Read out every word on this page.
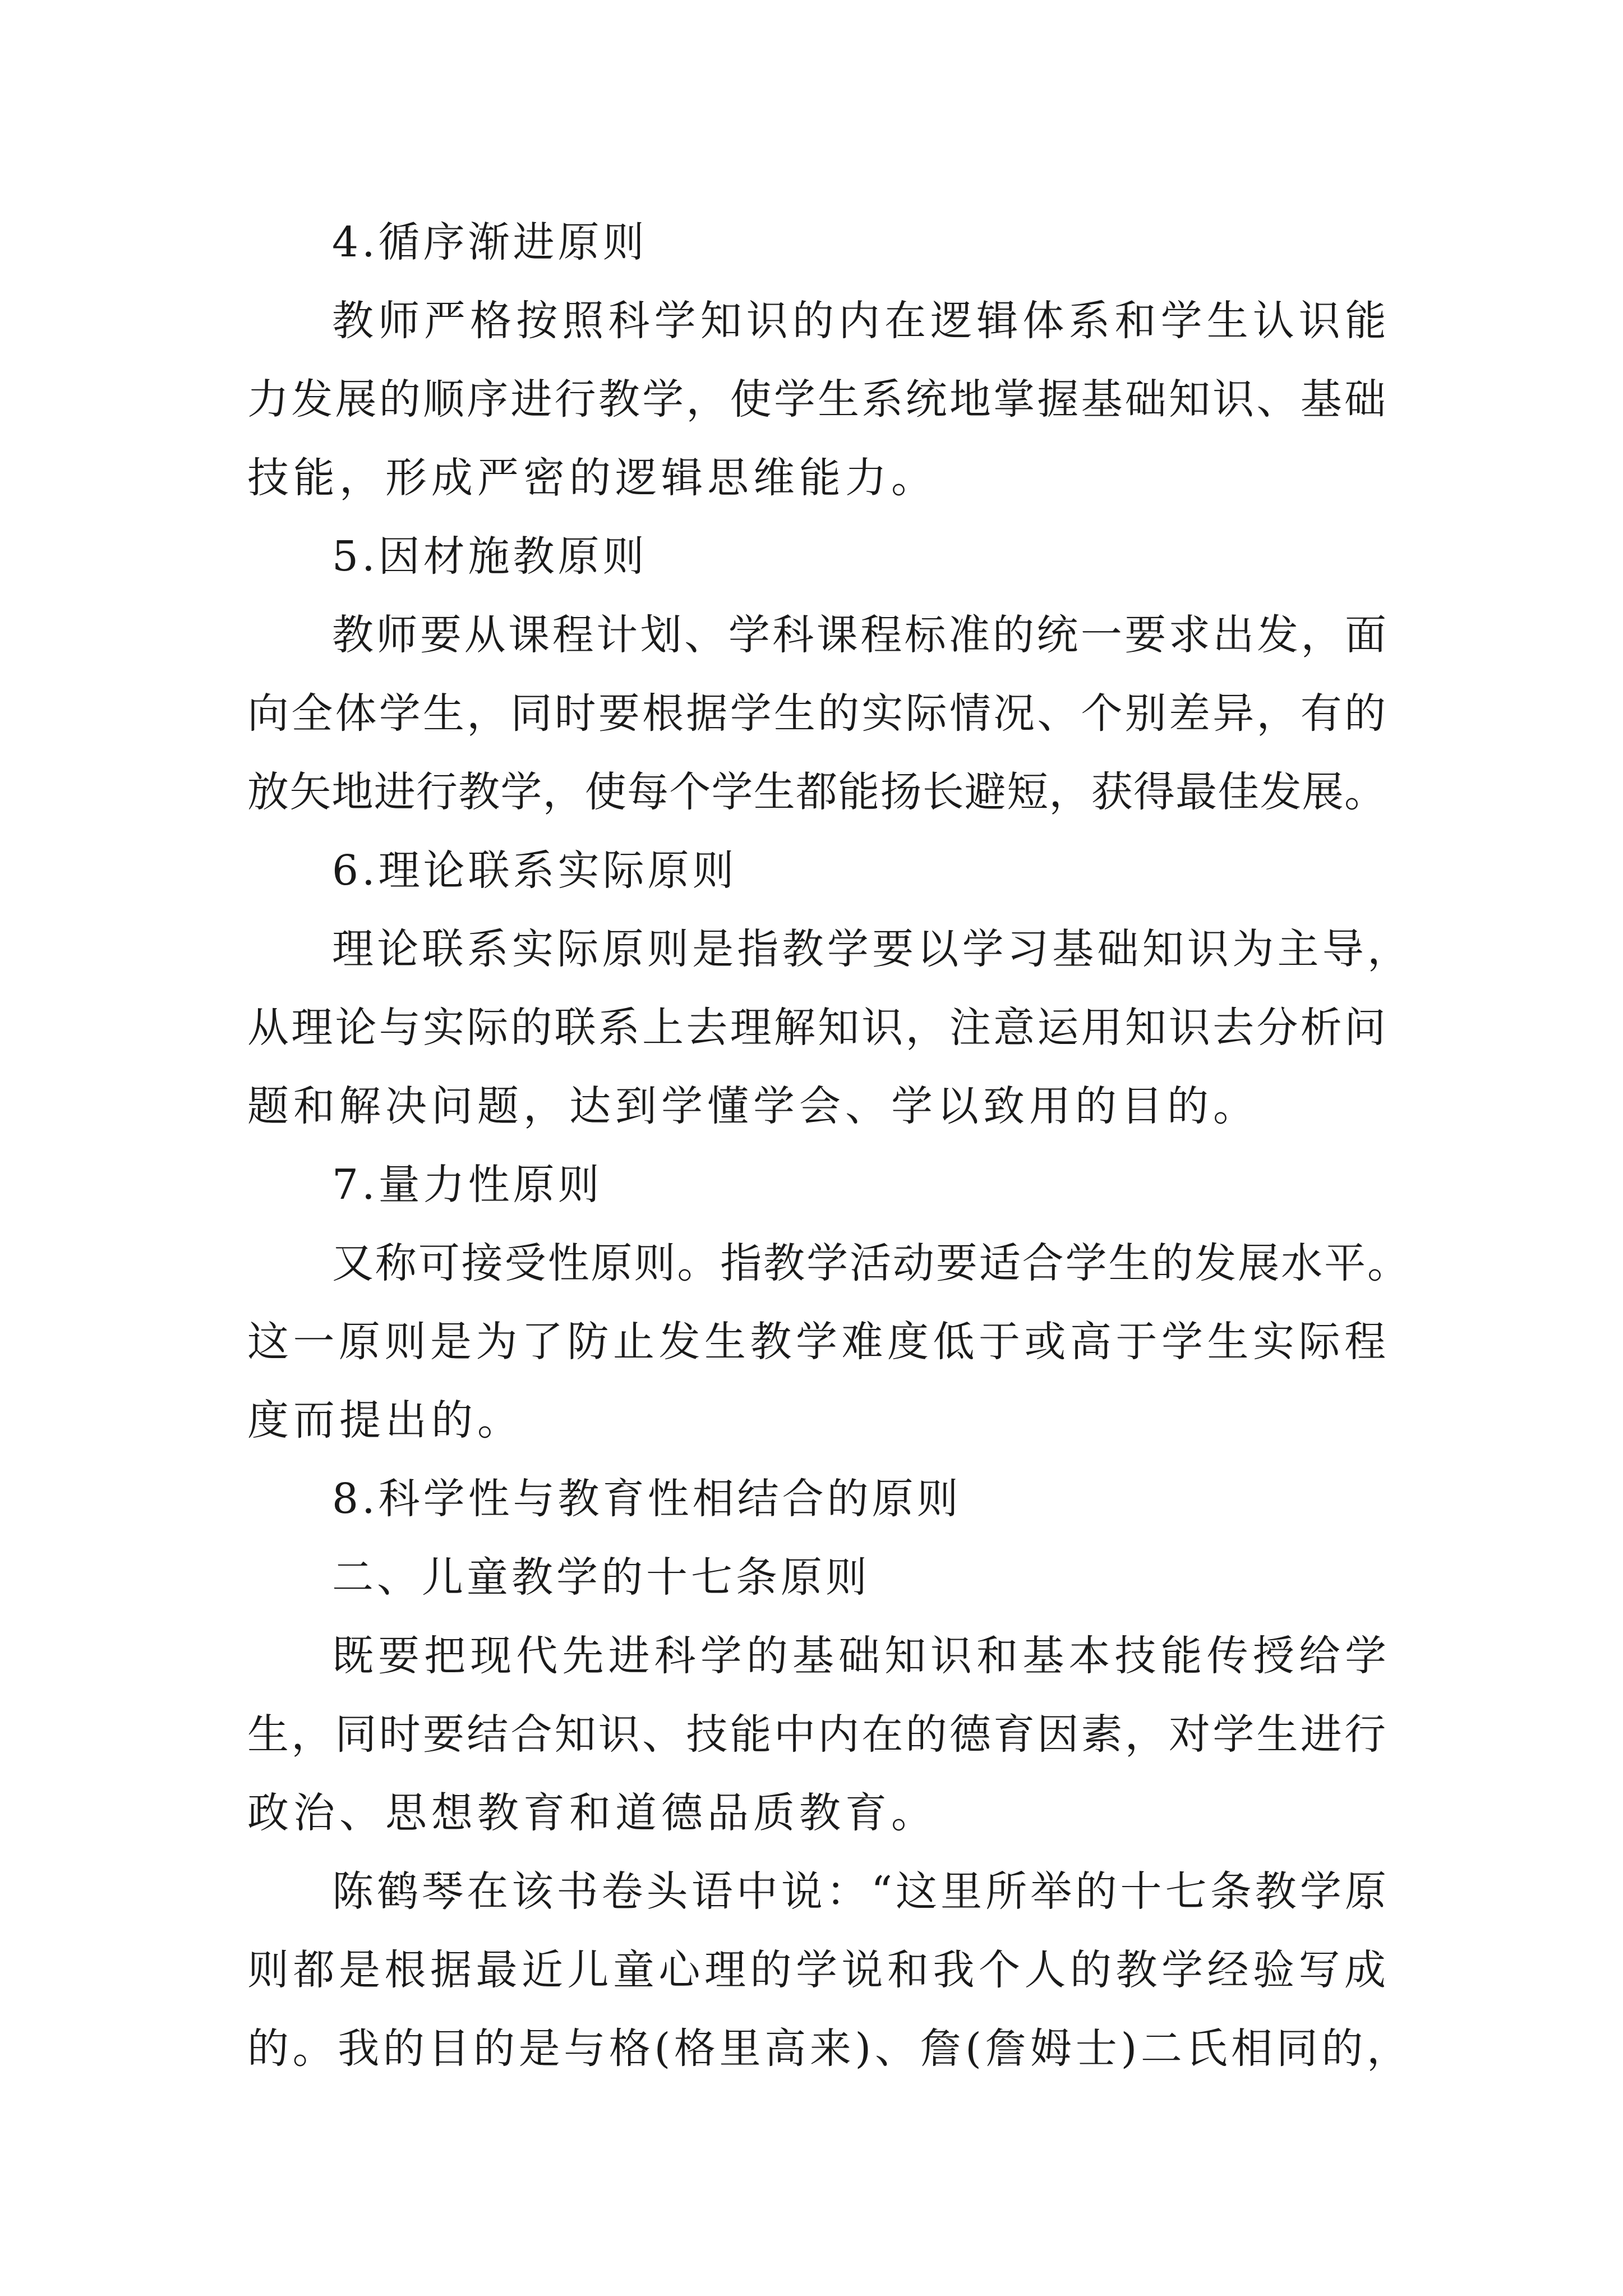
4.循序渐进原则
教师严格按照科学知识的内在逻辑体系和学生认识能
力发展的顺序进行教学，使学生系统地掌握基础知识、基础
技能，形成严密的逻辑思维能力。
5.因材施教原则
教师要从课程计划、学科课程标准的统一要求出发，面
向全体学生，同时要根据学生的实际情况、个别差异，有的
放矢地进行教学，使每个学生都能扬长避短，获得最佳发展。
6.理论联系实际原则
理论联系实际原则是指教学要以学习基础知识为主导，
从理论与实际的联系上去理解知识，注意运用知识去分析问
题和解决问题，达到学懂学会、学以致用的目的。
7.量力性原则
又称可接受性原则。指教学活动要适合学生的发展水平。
这一原则是为了防止发生教学难度低于或高于学生实际程
度而提出的。
8.科学性与教育性相结合的原则
二、儿童教学的十七条原则
既要把现代先进科学的基础知识和基本技能传授给学
生，同时要结合知识、技能中内在的德育因素，对学生进行
政治、思想教育和道德品质教育。
陈鹤琴在该书卷头语中说：“这里所举的十七条教学原
则都是根据最近儿童心理的学说和我个人的教学经验写成
的。我的目的是与格(格里高来)、詹(詹姆士)二氏相同的，
